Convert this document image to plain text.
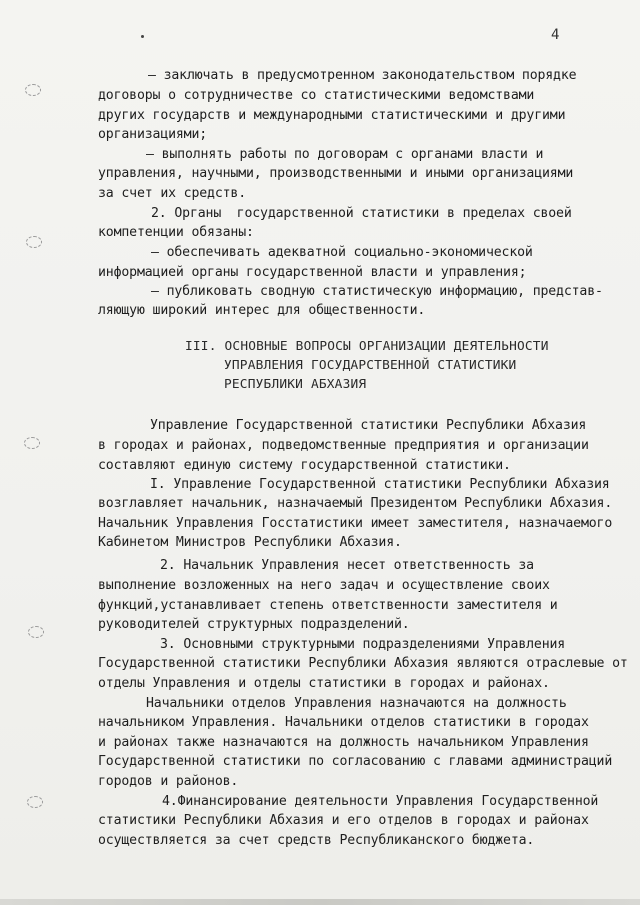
4
– заключать в предусмотренном законодательством порядке
договоры о сотрудничестве со статистическими ведомствами
других государств и международными статистическими и другими
организациями;
– выполнять работы по договорам с органами власти и
управления, научными, производственными и иными организациями
за счет их средств.
2. Органы  государственной статистики в пределах своей
компетенции обязаны:
– обеспечивать адекватной социально-экономической
информацией органы государственной власти и управления;
– публиковать сводную статистическую информацию, представ-
ляющую широкий интерес для общественности.
III. ОСНОВНЫЕ ВОПРОСЫ ОРГАНИЗАЦИИ ДЕЯТЕЛЬНОСТИ
УПРАВЛЕНИЯ ГОСУДАРСТВЕННОЙ СТАТИСТИКИ
РЕСПУБЛИКИ АБХАЗИЯ
Управление Государственной статистики Республики Абхазия
в городах и районах, подведомственные предприятия и организации
составляют единую систему государственной статистики.
I. Управление Государственной статистики Республики Абхазия
возглавляет начальник, назначаемый Президентом Республики Абхазия.
Начальник Управления Госстатистики имеет заместителя, назначаемого
Кабинетом Министров Республики Абхазия.
2. Начальник Управления несет ответственность за
выполнение возложенных на него задач и осуществление своих
функций,устанавливает степень ответственности заместителя и
руководителей структурных подразделений.
3. Основными структурными подразделениями Управления
Государственной статистики Республики Абхазия являются отраслевые от
отделы Управления и отделы статистики в городах и районах.
Начальники отделов Управления назначаются на должность
начальником Управления. Начальники отделов статистики в городах
и районах также назначаются на должность начальником Управления
Государственной статистики по согласованию с главами администраций
городов и районов.
4.Финансирование деятельности Управления Государственной
статистики Республики Абхазия и его отделов в городах и районах
осуществляется за счет средств Республиканского бюджета.
